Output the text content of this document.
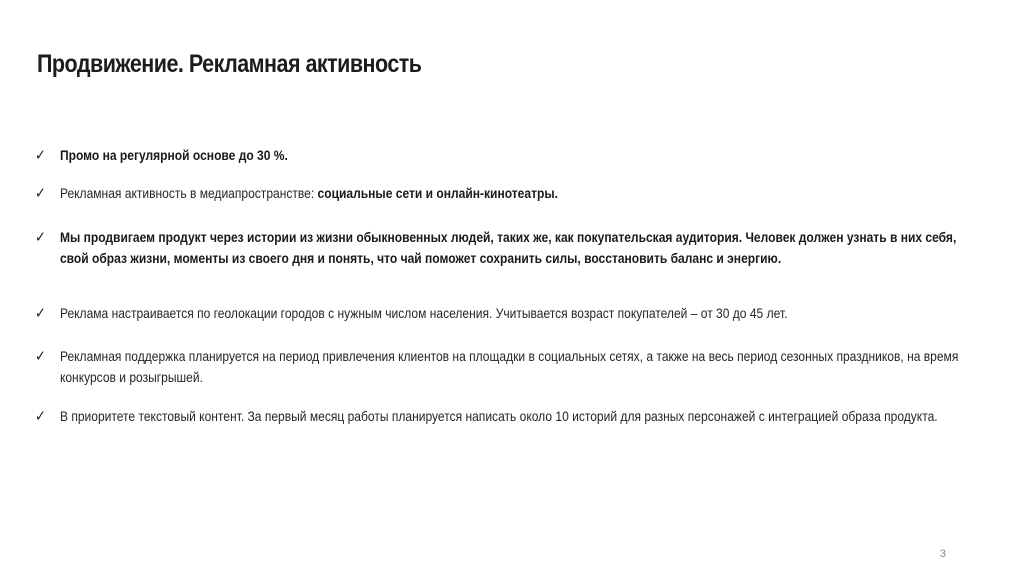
Продвижение. Рекламная активность
✓	Промо на регулярной основе до 30 %.
✓	Рекламная активность в медиапространстве: социальные сети и онлайн-кинотеатры.
✓	Мы продвигаем продукт через истории из жизни обыкновенных людей, таких же, как покупательская аудитория. Человек должен узнать в них себя, свой образ жизни, моменты из своего дня и понять, что чай поможет сохранить силы, восстановить баланс и энергию.
✓	Реклама настраивается по геолокации городов с нужным числом населения. Учитывается возраст покупателей – от 30 до 45 лет.
✓	Рекламная поддержка планируется на период привлечения клиентов на площадки в социальных сетях, а также на весь период сезонных праздников, на время конкурсов и розыгрышей.
✓	В приоритете текстовый контент. За первый месяц работы планируется написать около 10 историй для разных персонажей с интеграцией образа продукта.
3
